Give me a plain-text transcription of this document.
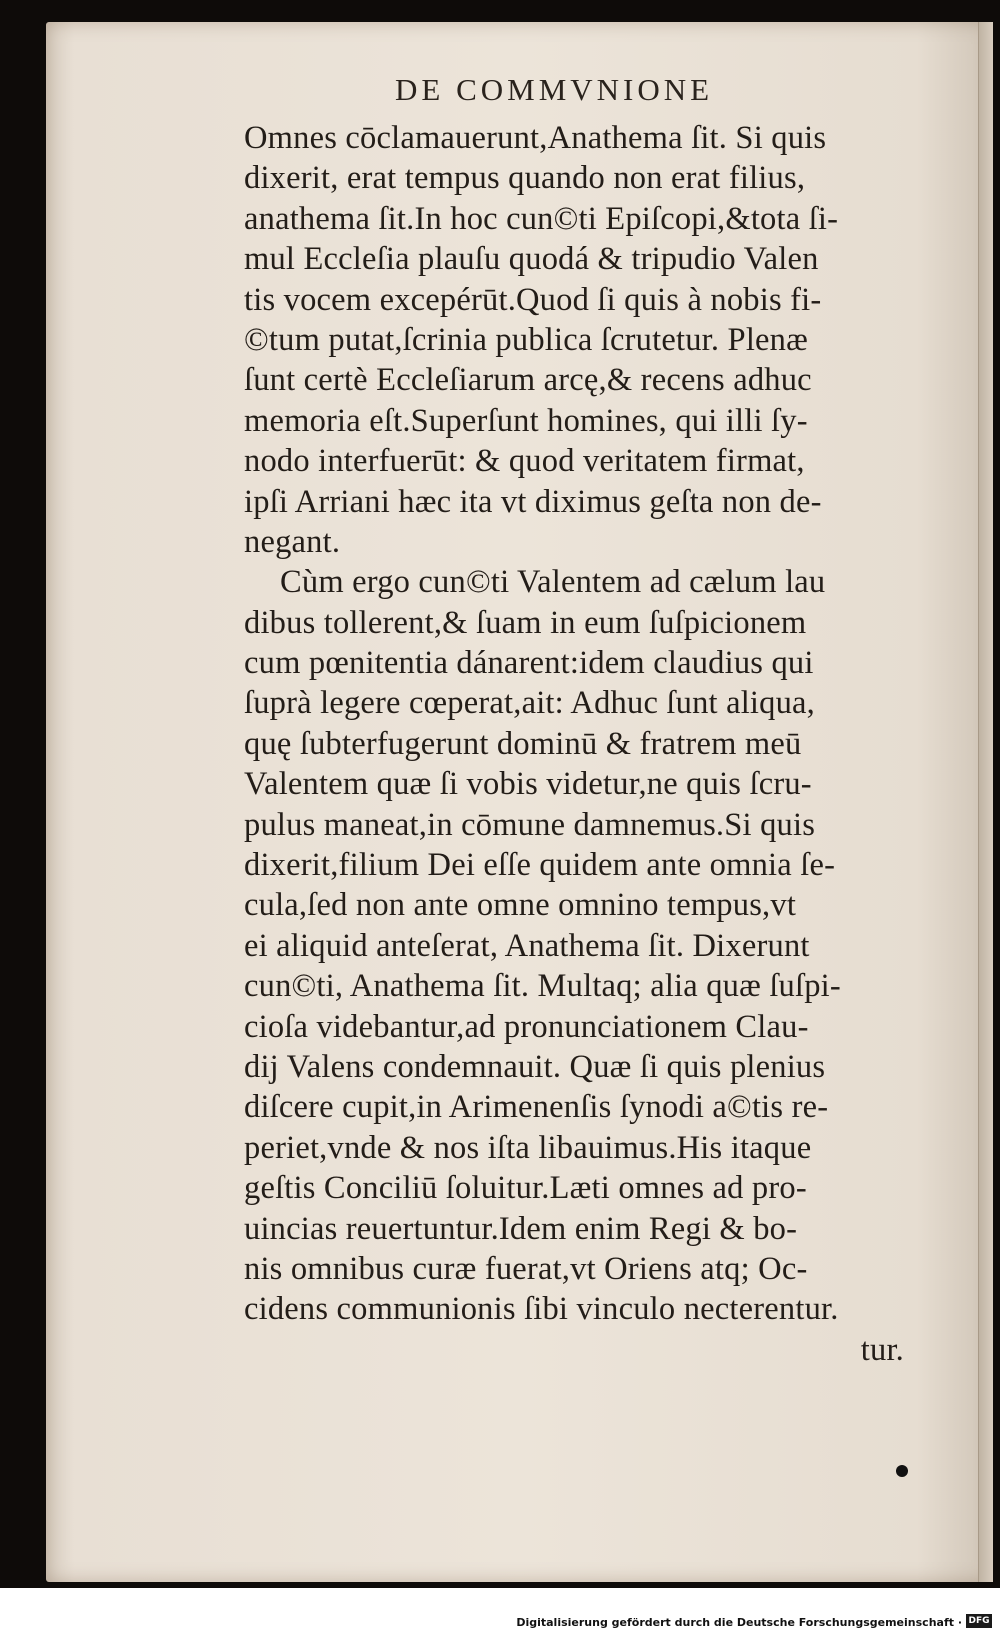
DE COMMVNIONE
Omnes cōclamauerunt,Anathema ſit. Si quis
dixerit, erat tempus quando non erat filius,
anathema ſit.In hoc cun©ti Epiſcopi,&tota ſi-
mul Eccleſia plauſu quodá & tripudio Valen
tis vocem excepérūt.Quod ſi quis à nobis fi-
©tum putat,ſcrinia publica ſcrutetur. Plenæ
ſunt certè Eccleſiarum arcę,& recens adhuc
memoria eſt.Superſunt homines, qui illi ſy-
nodo interfuerūt: & quod veritatem firmat,
ipſi Arriani hæc ita vt diximus geſta non de-
negant.
Cùm ergo cun©ti Valentem ad cælum lau
dibus tollerent,& ſuam in eum ſuſpicionem
cum pœnitentia dánarent:idem claudius qui
ſuprà legere cœperat,ait: Adhuc ſunt aliqua,
quę ſubterfugerunt dominū & fratrem meū
Valentem quæ ſi vobis videtur,ne quis ſcru-
pulus maneat,in cōmune damnemus.Si quis
dixerit,filium Dei eſſe quidem ante omnia ſe-
cula,ſed non ante omne omnino tempus,vt
ei aliquid anteſerat, Anathema ſit. Dixerunt
cun©ti, Anathema ſit. Multaq; alia quæ ſuſpi-
cioſa videbantur,ad pronunciationem Clau-
dij Valens condemnauit. Quæ ſi quis plenius
diſcere cupit,in Arimenenſis ſynodi a©tis re-
periet,vnde & nos iſta libauimus.His itaque
geſtis Conciliū ſoluitur.Læti omnes ad pro-
uincias reuertuntur.Idem enim Regi & bo-
nis omnibus curæ fuerat,vt Oriens atq; Oc-
cidens communionis ſibi vinculo necterentur.
tur.
Digitalisierung gefördert durch die Deutsche Forschungsgemeinschaft · DFG
